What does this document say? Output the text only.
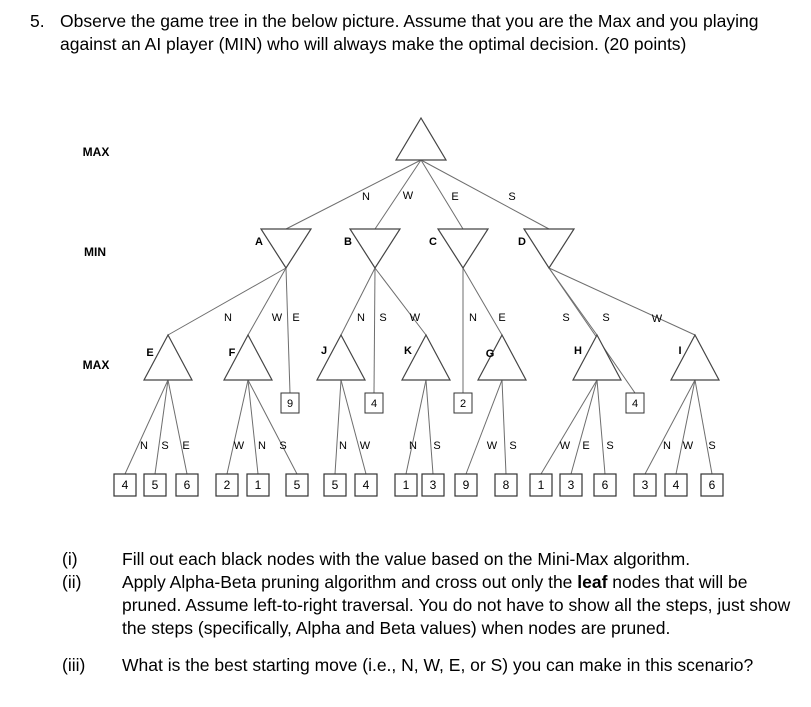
5. Observe the game tree in the below picture. Assume that you are the Max and you playing against an AI player (MIN) who will always make the optimal decision. (20 points)
MAX
MIN
MAX
N	W	E	S
A	B	C	D
E	F	J	K	G	H	I
9	4	2	4
N	W E	N S W	N E	S	S	W
4 5 6	2 1	5	5 4	1 3 9	8 1 3 6	3 4 6
N S E	W N S	N W	N S	W S	W E S	N W S
(i)	Fill out each black nodes with the value based on the Mini-Max algorithm.
(ii) Apply Alpha-Beta pruning algorithm and cross out only the leaf nodes that will be pruned. Assume left-to-right traversal. You do not have to show all the steps, just show the steps (specifically, Alpha and Beta values) when nodes are pruned.
(iii) What is the best starting move (i.e., N, W, E, or S) you can make in this scenario?
